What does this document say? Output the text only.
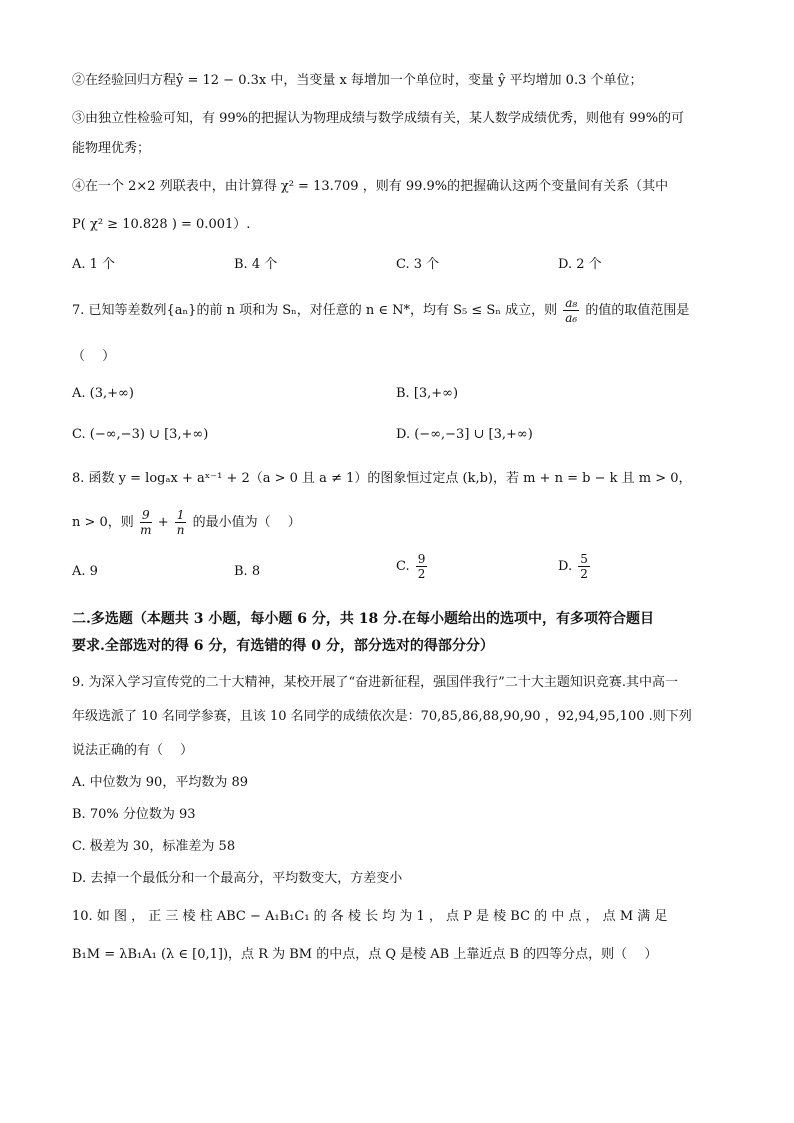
②在经验回归方程ŷ = 12 − 0.3x 中，当变量 x 每增加一个单位时，变量 ŷ 平均增加 0.3 个单位；
③由独立性检验可知，有 99%的把握认为物理成绩与数学成绩有关，某人数学成绩优秀，则他有 99%的可
能物理优秀；
④在一个 2×2 列联表中，由计算得 χ² = 13.709 ，则有 99.9%的把握确认这两个变量间有关系（其中
P( χ² ≥ 10.828 ) = 0.001）.
A. 1 个	B. 4 个	C. 3 个	D. 2 个
7. 已知等差数列{aₙ}的前 n 项和为 Sₙ，对任意的 n ∈ N*，均有 S₅ ≤ Sₙ 成立，则 $\frac{\text{a₈}}{\text{a₆}}$ 的值的取值范围是
（　 ）
A. (3,+∞)	B. [3,+∞)
C. (−∞,−3) ∪ [3,+∞)	D. (−∞,−3] ∪ [3,+∞)
8. 函数 y = logₐx + aˣ⁻¹ + 2（a > 0 且 a ≠ 1）的图象恒过定点 (k,b)，若 m + n = b − k 且 m > 0，
n > 0，则 $\frac{9}{m} + \frac{1}{n}$ 的最小值为（　 ）
A. 9	B. 8	C. $\frac{9}{2}$	D. $\frac{5}{2}$
二.多选题（本题共 3 小题，每小题 6 分，共 18 分.在每小题给出的选项中，有多项符合题目
要求.全部选对的得 6 分，有选错的得 0 分，部分选对的得部分分）
9. 为深入学习宣传党的二十大精神，某校开展了“奋进新征程，强国伴我行”二十大主题知识竞赛.其中高一
年级选派了 10 名同学参赛，且该 10 名同学的成绩依次是：70,85,86,88,90,90 ，92,94,95,100 .则下列
说法正确的有（　 ）
A. 中位数为 90，平均数为 89
B. 70% 分位数为 93
C. 极差为 30，标准差为 58
D. 去掉一个最低分和一个最高分，平均数变大，方差变小
10. 如 图 ， 正 三 棱 柱 ABC − A₁B₁C₁ 的 各 棱 长 均 为 1 ， 点 P 是 棱 BC 的 中 点 ， 点 M 满 足
B₁M = λB₁A₁ (λ ∈ [0,1])，点 R 为 BM 的中点，点 Q 是棱 AB 上靠近点 B 的四等分点，则（　 ）
